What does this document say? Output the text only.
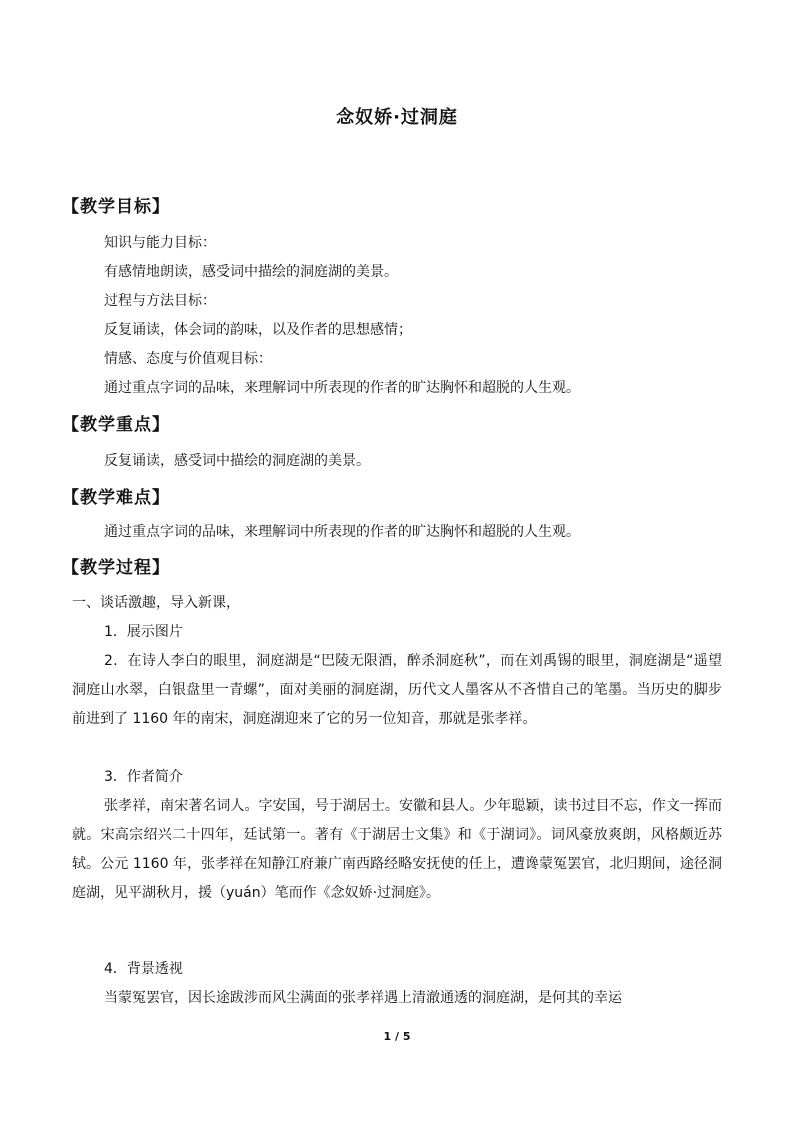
念奴娇·过洞庭
【教学目标】
知识与能力目标：
有感情地朗读，感受词中描绘的洞庭湖的美景。
过程与方法目标：
反复诵读，体会词的韵味，以及作者的思想感情；
情感、态度与价值观目标：
通过重点字词的品味，来理解词中所表现的作者的旷达胸怀和超脱的人生观。
【教学重点】
反复诵读，感受词中描绘的洞庭湖的美景。
【教学难点】
通过重点字词的品味，来理解词中所表现的作者的旷达胸怀和超脱的人生观。
【教学过程】
一、谈话激趣，导入新课，
1．展示图片

2．在诗人李白的眼里，洞庭湖是“巴陵无限酒，醉杀洞庭秋”，而在刘禹锡的眼里，洞庭湖是“遥望洞庭山水翠，白银盘里一青螺”，面对美丽的洞庭湖，历代文人墨客从不吝惜自己的笔墨。当历史的脚步前进到了 1160 年的南宋，洞庭湖迎来了它的另一位知音，那就是张孝祥。

3．作者简介

张孝祥，南宋著名词人。字安国，号于湖居士。安徽和县人。少年聪颖，读书过目不忘，作文一挥而就。宋高宗绍兴二十四年，廷试第一。著有《于湖居士文集》和《于湖词》。词风豪放爽朗，风格颇近苏轼。公元 1160 年，张孝祥在知静江府兼广南西路经略安抚使的任上，遭谗蒙冤罢官，北归期间，途径洞庭湖，见平湖秋月，援（yuán）笔而作《念奴娇·过洞庭》。

4．背景透视

当蒙冤罢官，因长途跋涉而风尘满面的张孝祥遇上清澈通透的洞庭湖，是何其的幸运

1 / 5
